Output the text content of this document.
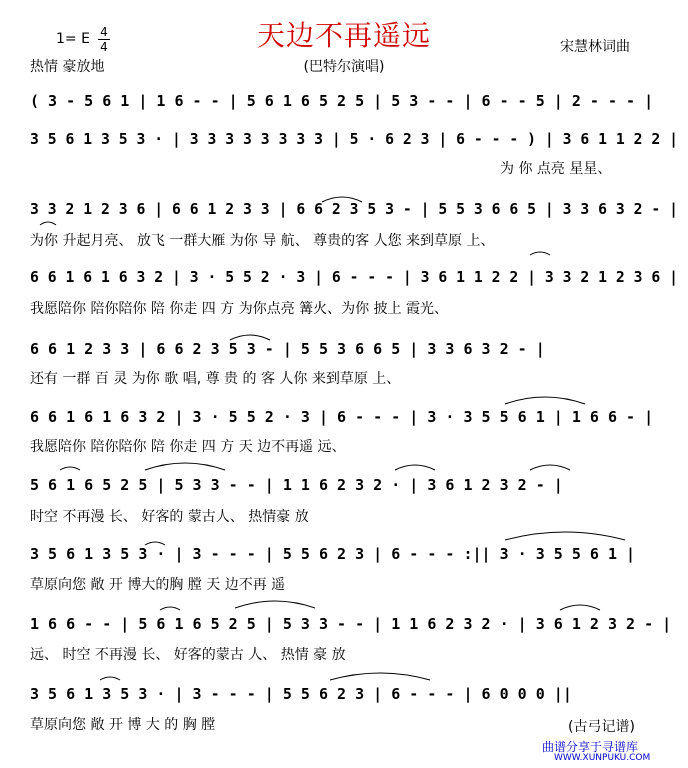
天边不再遥远
1= E 4
4
热情 豪放地	(巴特尔演唱)
宋慧林词曲
( 3 - 5 6 1 | 1 6 - - | 5 6 1 6 5 2 5 | 5 3 - - | 6 - - 5 | 2 - - - |
3 5 6 1 3 5 3 · | 3 3 3 3 3 3 3 3 | 5 · 6 2 3 | 6 - - - ) | 3 6 1 1 2 2 |
为 你 点亮 星星、
3 3 2 1 2 3 6 | 6 6 1 2 3 3 | 6 6 2 3 5 3 - | 5 5 3 6 6 5 | 3 3 6 3 2 - |
为你 升起月亮、 放飞 一群大雁 为你 导 航、 尊贵的客 人您 来到草原 上、
6 6 1 6 1 6 3 2 | 3 · 5 5 2 · 3 | 6 - - - | 3 6 1 1 2 2 | 3 3 2 1 2 3 6 |
我愿陪你 陪你陪你 陪 你走 四 方 为你点亮 篝火、为你 披上 霞光、
6 6 1 2 3 3 | 6 6 2 3 5 3 - | 5 5 3 6 6 5 | 3 3 6 3 2 - |
还有 一群 百 灵 为你 歌 唱, 尊 贵 的 客 人你 来到草原 上、
6 6 1 6 1 6 3 2 | 3 · 5 5 2 · 3 | 6 - - - | 3 · 3 5 5 6 1 | 1 6 6 - |
我愿陪你 陪你陪你 陪 你走 四 方 天 边不再遥 远、
5 6 1 6 5 2 5 | 5 3 3 - - | 1 1 6 2 3 2 · | 3 6 1 2 3 2 - |
时空 不再漫 长、 好客的 蒙古人、 热情豪 放
3 5 6 1 3 5 3 · | 3 - - - | 5 5 6 2 3 | 6 - - - :|| 3 · 3 5 5 6 1 |
草原向您 敞 开 博大的胸 膛 天 边不再 遥
1 6 6 - - | 5 6 1 6 5 2 5 | 5 3 3 - - | 1 1 6 2 3 2 · | 3 6 1 2 3 2 - |
远、 时空 不再漫 长、 好客的蒙古 人、 热情 豪 放
3 5 6 1 3 5 3 · | 3 - - - | 5 5 6 2 3 | 6 - - - | 6 0 0 0 ||
草原向您 敞 开 博 大 的 胸 膛	(古弓记谱)
曲谱分享于寻谱库
WWW.XUNPUKU.COM
